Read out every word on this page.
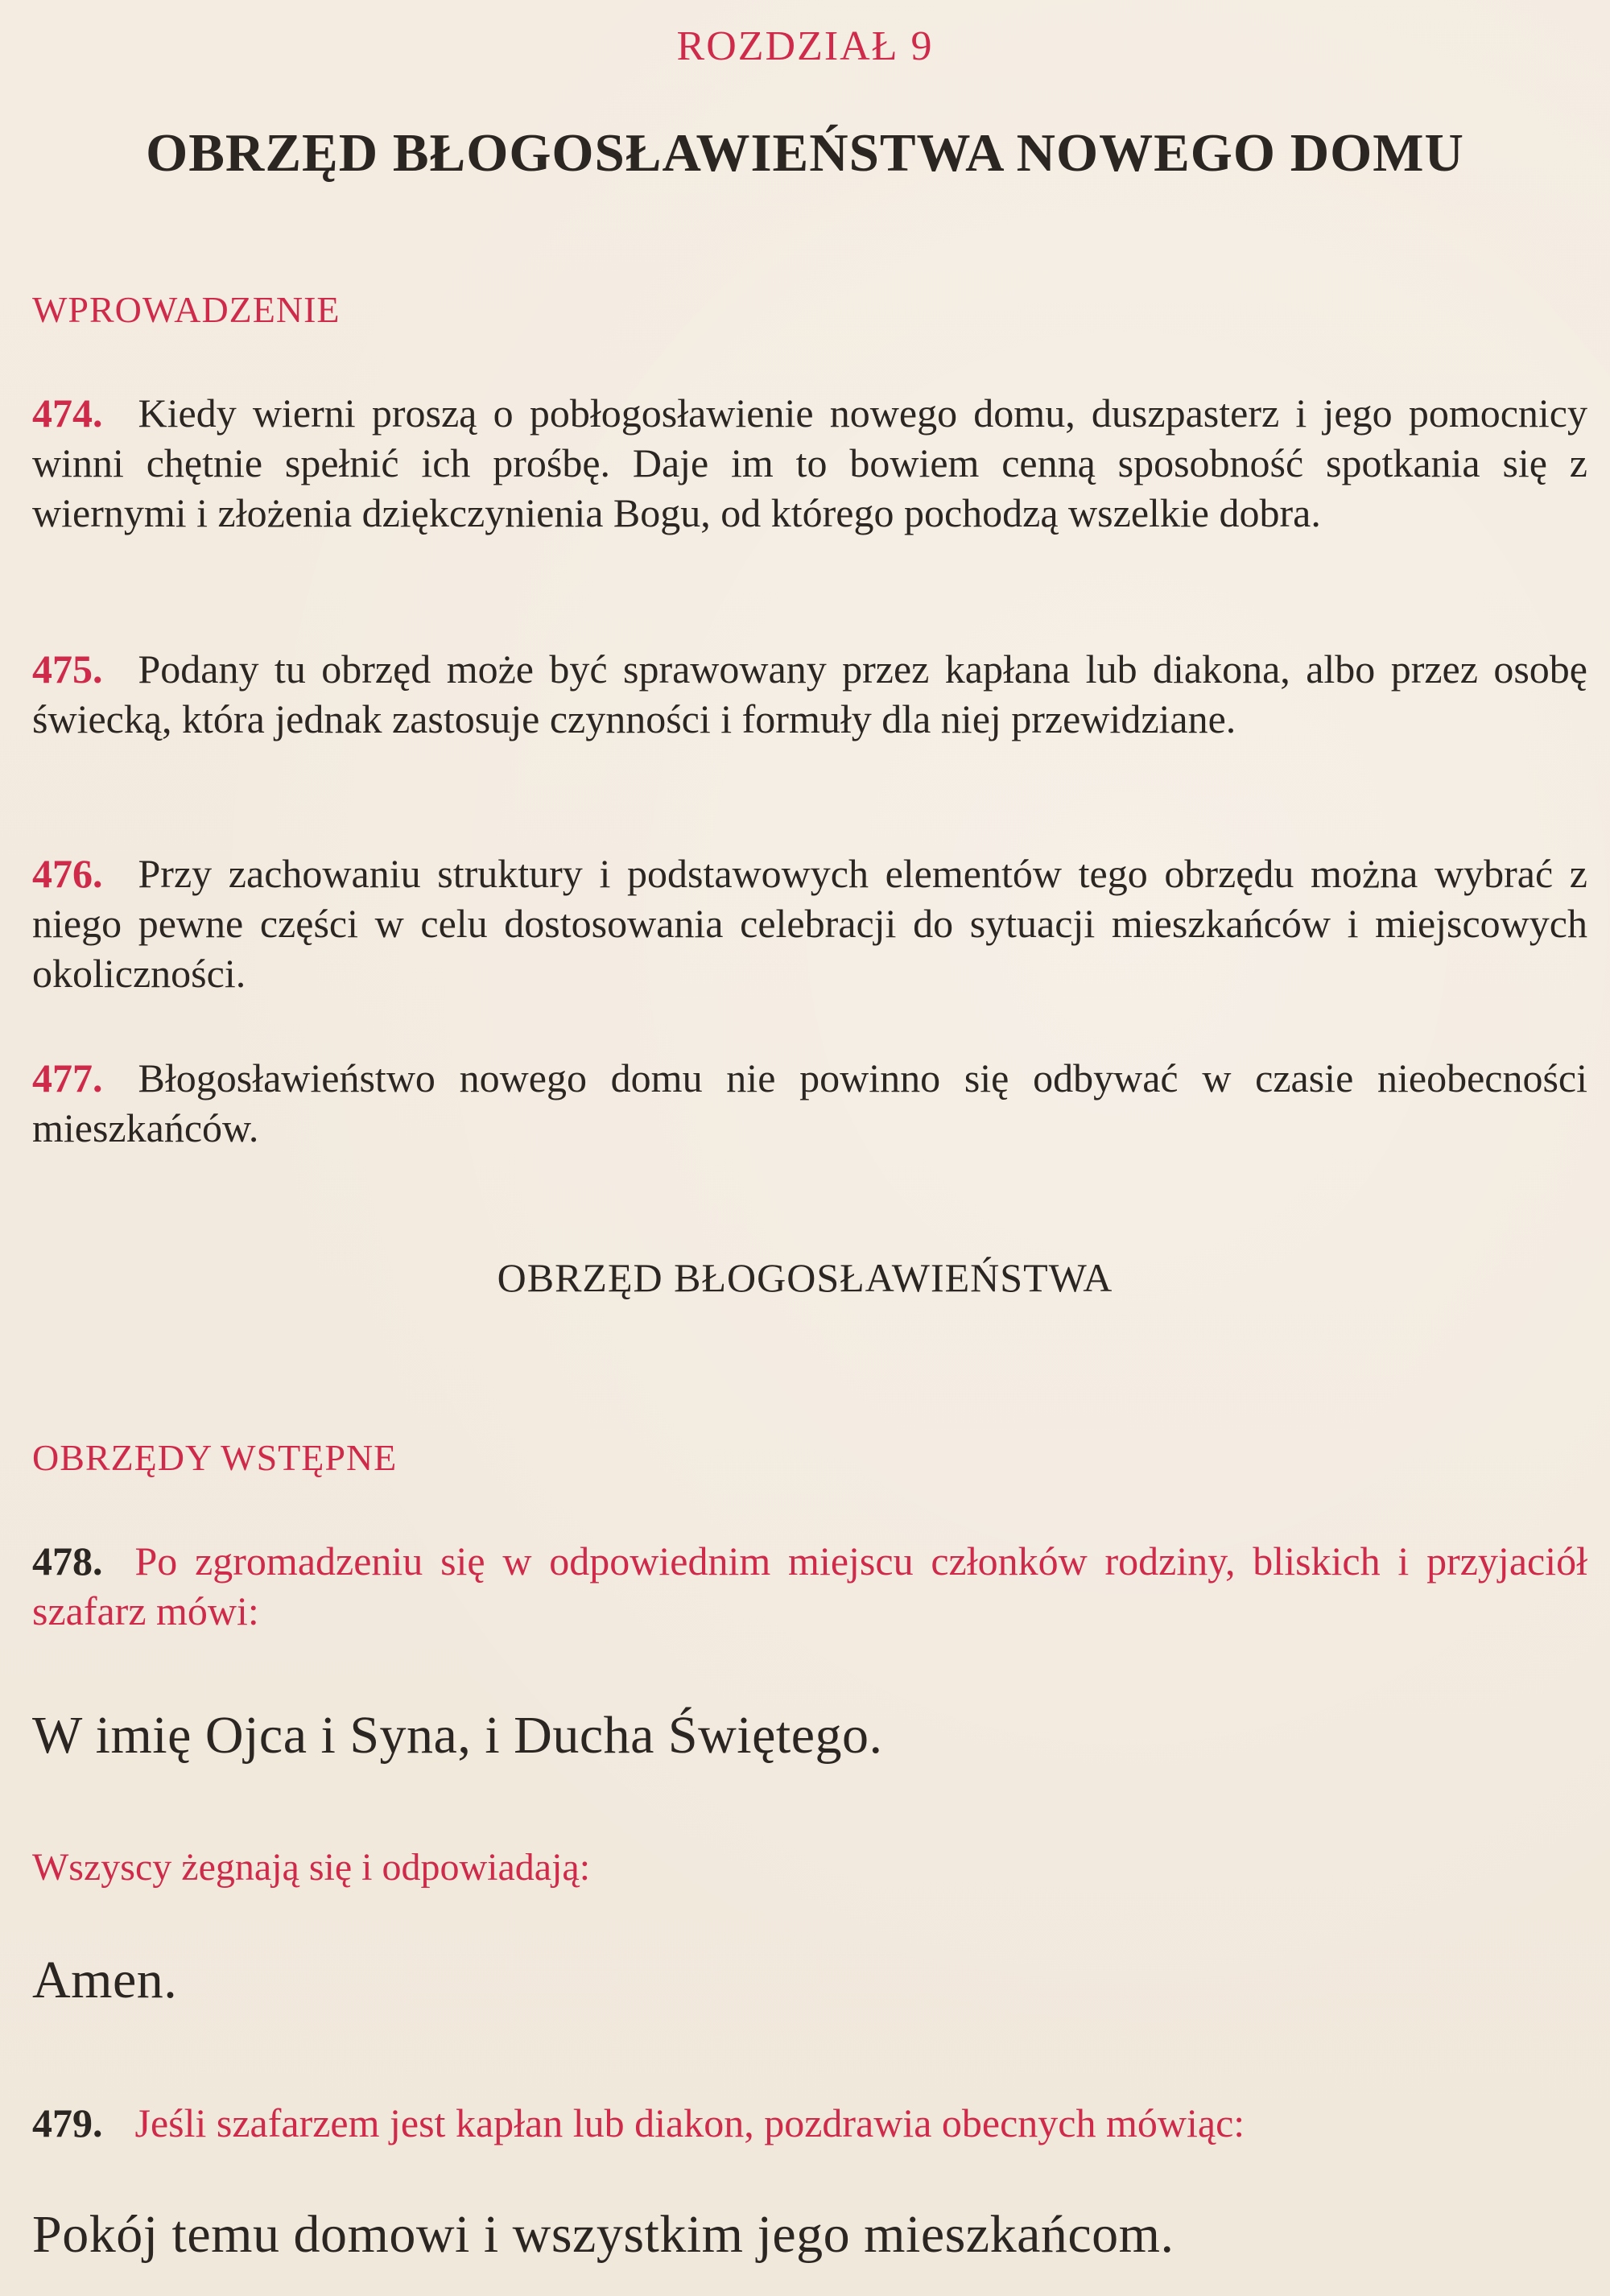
ROZDZIAŁ 9
OBRZĘD BŁOGOSŁAWIEŃSTWA NOWEGO DOMU
WPROWADZENIE
474. Kiedy wierni proszą o pobłogosławienie nowego domu, duszpasterz i jego pomocnicy winni chętnie spełnić ich prośbę. Daje im to bowiem cenną sposobność spotkania się z wiernymi i złożenia dziękczynienia Bogu, od którego pochodzą wszelkie dobra.
475. Podany tu obrzęd może być sprawowany przez kapłana lub diakona, albo przez osobę świecką, która jednak zastosuje czynności i formuły dla niej przewidziane.
476. Przy zachowaniu struktury i podstawowych elementów tego obrzędu można wybrać z niego pewne części w celu dostosowania celebracji do sytuacji mieszkańców i miejscowych okoliczności.
477. Błogosławieństwo nowego domu nie powinno się odbywać w czasie nieobecności mieszkańców.
OBRZĘD BŁOGOSŁAWIEŃSTWA
OBRZĘDY WSTĘPNE
478. Po zgromadzeniu się w odpowiednim miejscu członków rodziny, bliskich i przyjaciół szafarz mówi:
W imię Ojca i Syna, i Ducha Świętego.
Wszyscy żegnają się i odpowiadają:
Amen.
479. Jeśli szafarzem jest kapłan lub diakon, pozdrawia obecnych mówiąc:
Pokój temu domowi i wszystkim jego mieszkańcom.
